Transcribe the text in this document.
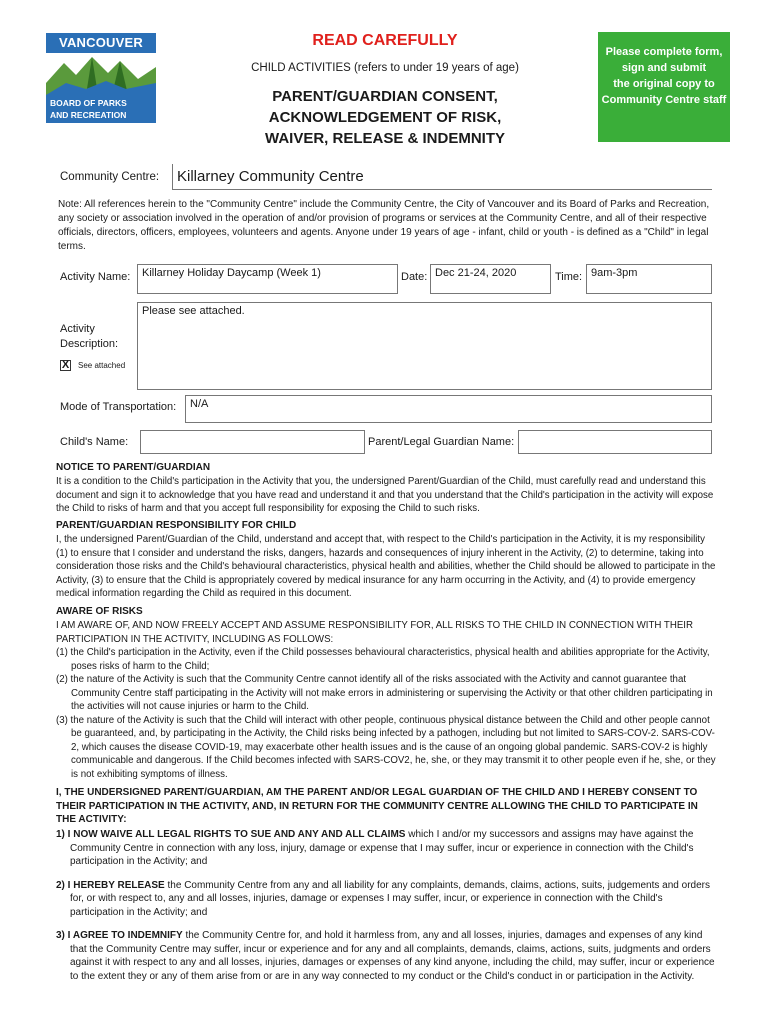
VANCOUVER
BOARD OF PARKS
AND RECREATION
READ CAREFULLY
CHILD ACTIVITIES (refers to under 19 years of age)
PARENT/GUARDIAN CONSENT,
ACKNOWLEDGEMENT OF RISK,
WAIVER, RELEASE & INDEMNITY
Please complete form,
sign and submit
the original copy to
Community Centre staff
Community Centre:	Killarney Community Centre
Note: All references herein to the "Community Centre" include the Community Centre, the City of Vancouver and its Board of Parks and Recreation, any society or association involved in the operation of and/or provision of programs or services at the Community Centre, and all of their respective officials, directors, officers, employees, volunteers and agents. Anyone under 19 years of age - infant, child or youth - is defined as a "Child" in legal terms.
Activity Name:	Killarney Holiday Daycamp (Week 1)	Date: Dec 21-24, 2020	Time: 9am-3pm
Please see attached.
Activity
Description:
X See attached
Mode of Transportation:	N/A
Child's Name:	Parent/Legal Guardian Name:
NOTICE TO PARENT/GUARDIAN
It is a condition to the Child's participation in the Activity that you, the undersigned Parent/Guardian of the Child, must carefully read and understand this document and sign it to acknowledge that you have read and understand it and that you understand that the Child's participation in the activity will expose the Child to risks of harm and that you accept full responsibility for exposing the Child to such risks.
PARENT/GUARDIAN RESPONSIBILITY FOR CHILD
I, the undersigned Parent/Guardian of the Child, understand and accept that, with respect to the Child's participation in the Activity, it is my responsibility (1) to ensure that I consider and understand the risks, dangers, hazards and consequences of injury inherent in the Activity, (2) to determine, taking into consideration those risks and the Child's behavioural characteristics, physical health and abilities, whether the Child should be allowed to participate in the Activity, (3) to ensure that the Child is appropriately covered by medical insurance for any harm occurring in the Activity, and (4) to provide emergency medical information regarding the Child as required in this document.
AWARE OF RISKS
I AM AWARE OF, AND NOW FREELY ACCEPT AND ASSUME RESPONSIBILITY FOR, ALL RISKS TO THE CHILD IN CONNECTION WITH THEIR PARTICIPATION IN THE ACTIVITY, INCLUDING AS FOLLOWS:
(1) the Child's participation in the Activity, even if the Child possesses behavioural characteristics, physical health and abilities appropriate for the Activity, poses risks of harm to the Child;
(2) the nature of the Activity is such that the Community Centre cannot identify all of the risks associated with the Activity and cannot guarantee that Community Centre staff participating in the Activity will not make errors in administering or supervising the Activity or that other children participating in the activities will not cause injuries or harm to the Child.
(3) the nature of the Activity is such that the Child will interact with other people, continuous physical distance between the Child and other people cannot be guaranteed, and, by participating in the Activity, the Child risks being infected by a pathogen, including but not limited to SARS-COV-2. SARS-COV-2, which causes the disease COVID-19, may exacerbate other health issues and is the cause of an ongoing global pandemic. SARS-COV-2 is highly communicable and dangerous. If the Child becomes infected with SARS-COV2, he, she, or they may transmit it to other people even if he, she, or they is not exhibiting symptoms of illness.
I, THE UNDERSIGNED PARENT/GUARDIAN, AM THE PARENT AND/OR LEGAL GUARDIAN OF THE CHILD AND I HEREBY CONSENT TO THEIR PARTICIPATION IN THE ACTIVITY, AND, IN RETURN FOR THE COMMUNITY CENTRE ALLOWING THE CHILD TO PARTICIPATE IN THE ACTIVITY:
1) I NOW WAIVE ALL LEGAL RIGHTS TO SUE AND ANY AND ALL CLAIMS which I and/or my successors and assigns may have against the Community Centre in connection with any loss, injury, damage or expense that I may suffer, incur or experience in connection with the Child's participation in the Activity; and
2) I HEREBY RELEASE the Community Centre from any and all liability for any complaints, demands, claims, actions, suits, judgements and orders for, or with respect to, any and all losses, injuries, damage or expenses I may suffer, incur, or experience in connection with the Child's participation in the Activity; and
3) I AGREE TO INDEMNIFY the Community Centre for, and hold it harmless from, any and all losses, injuries, damages and expenses of any kind that the Community Centre may suffer, incur or experience and for any and all complaints, demands, claims, actions, suits, judgments and orders against it with respect to any and all losses, injuries, damages or expenses of any kind anyone, including the child, may suffer, incur or experience to the extent they or any of them arise from or are in any way connected to my conduct or the Child's conduct in or participation in the Activity.
